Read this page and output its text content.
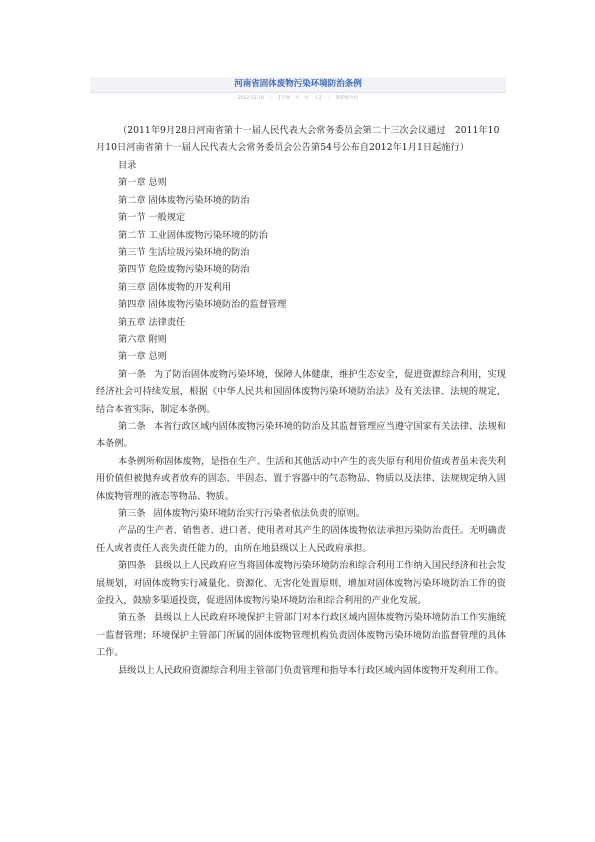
河南省固体废物污染环境防治条例
2012-12-10 | 【字体：大 中 小】 | 保护视力色

（2011年9月28日河南省第十一届人民代表大会常务委员会第二十三次会议通过　2011年10月10日河南省第十一届人民代表大会常务委员会公告第54号公布自2012年1月1日起施行）

目录
第一章 总则
第二章 固体废物污染环境的防治
第一节 一般规定
第二节 工业固体废物污染环境的防治
第三节 生活垃圾污染环境的防治
第四节 危险废物污染环境的防治
第三章 固体废物的开发利用
第四章 固体废物污染环境防治的监督管理
第五章 法律责任
第六章 附则
第一章 总则

第一条 为了防治固体废物污染环境，保障人体健康，维护生态安全，促进资源综合利用，实现经济社会可持续发展，根据《中华人民共和国固体废物污染环境防治法》及有关法律、法规的规定，结合本省实际，制定本条例。

第二条 本省行政区域内固体废物污染环境的防治及其监督管理应当遵守国家有关法律、法规和本条例。

本条例所称固体废物，是指在生产、生活和其他活动中产生的丧失原有利用价值或者虽未丧失利用价值但被抛弃或者放弃的固态、半固态、置于容器中的气态物品、物质以及法律、法规规定纳入固体废物管理的液态等物品、物质。

第三条 固体废物污染环境防治实行污染者依法负责的原则。

产品的生产者、销售者、进口者、使用者对其产生的固体废物依法承担污染防治责任。无明确责任人或者责任人丧失责任能力的，由所在地县级以上人民政府承担。

第四条 县级以上人民政府应当将固体废物污染环境防治和综合利用工作纳入国民经济和社会发展规划，对固体废物实行减量化、资源化、无害化处置原则，增加对固体废物污染环境防治工作的资金投入，鼓励多渠道投资，促进固体废物污染环境防治和综合利用的产业化发展。

第五条 县级以上人民政府环境保护主管部门对本行政区域内固体废物污染环境防治工作实施统一监督管理；环境保护主管部门所属的固体废物管理机构负责固体废物污染环境防治监督管理的具体工作。

县级以上人民政府资源综合利用主管部门负责管理和指导本行政区域内固体废物开发利用工作。
